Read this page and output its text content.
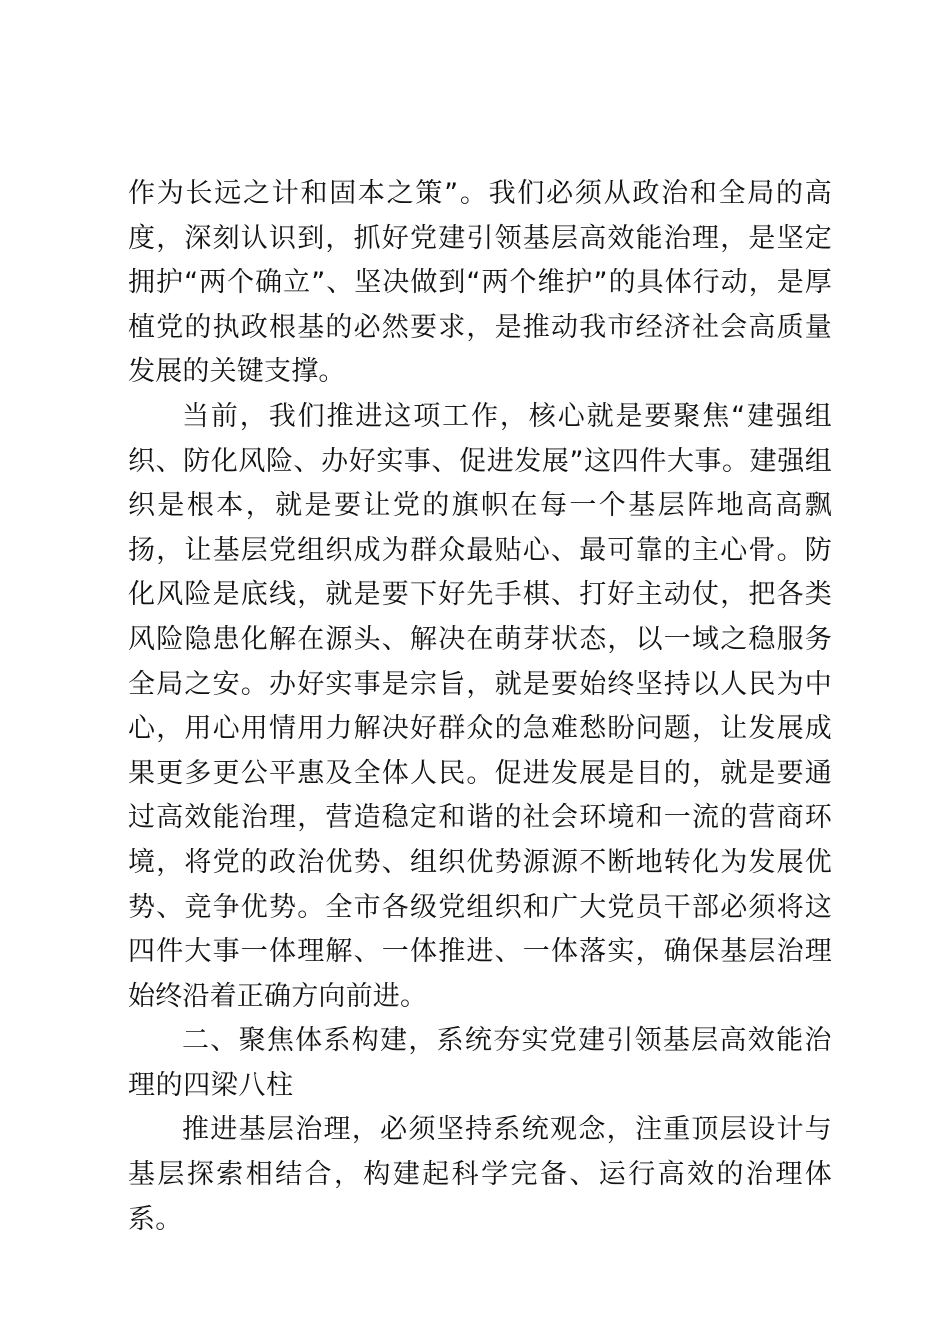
作为长远之计和固本之策”。我们必须从政治和全局的高度，深刻认识到，抓好党建引领基层高效能治理，是坚定拥护“两个确立”、坚决做到“两个维护”的具体行动，是厚植党的执政根基的必然要求，是推动我市经济社会高质量发展的关键支撑。

当前，我们推进这项工作，核心就是要聚焦“建强组织、防化风险、办好实事、促进发展”这四件大事。建强组织是根本，就是要让党的旗帜在每一个基层阵地高高飘扬，让基层党组织成为群众最贴心、最可靠的主心骨。防化风险是底线，就是要下好先手棋、打好主动仗，把各类风险隐患化解在源头、解决在萌芽状态，以一域之稳服务全局之安。办好实事是宗旨，就是要始终坚持以人民为中心，用心用情用力解决好群众的急难愁盼问题，让发展成果更多更公平惠及全体人民。促进发展是目的，就是要通过高效能治理，营造稳定和谐的社会环境和一流的营商环境，将党的政治优势、组织优势源源不断地转化为发展优势、竞争优势。全市各级党组织和广大党员干部必须将这四件大事一体理解、一体推进、一体落实，确保基层治理始终沿着正确方向前进。

二、聚焦体系构建，系统夯实党建引领基层高效能治理的四梁八柱

推进基层治理，必须坚持系统观念，注重顶层设计与基层探索相结合，构建起科学完备、运行高效的治理体系。
